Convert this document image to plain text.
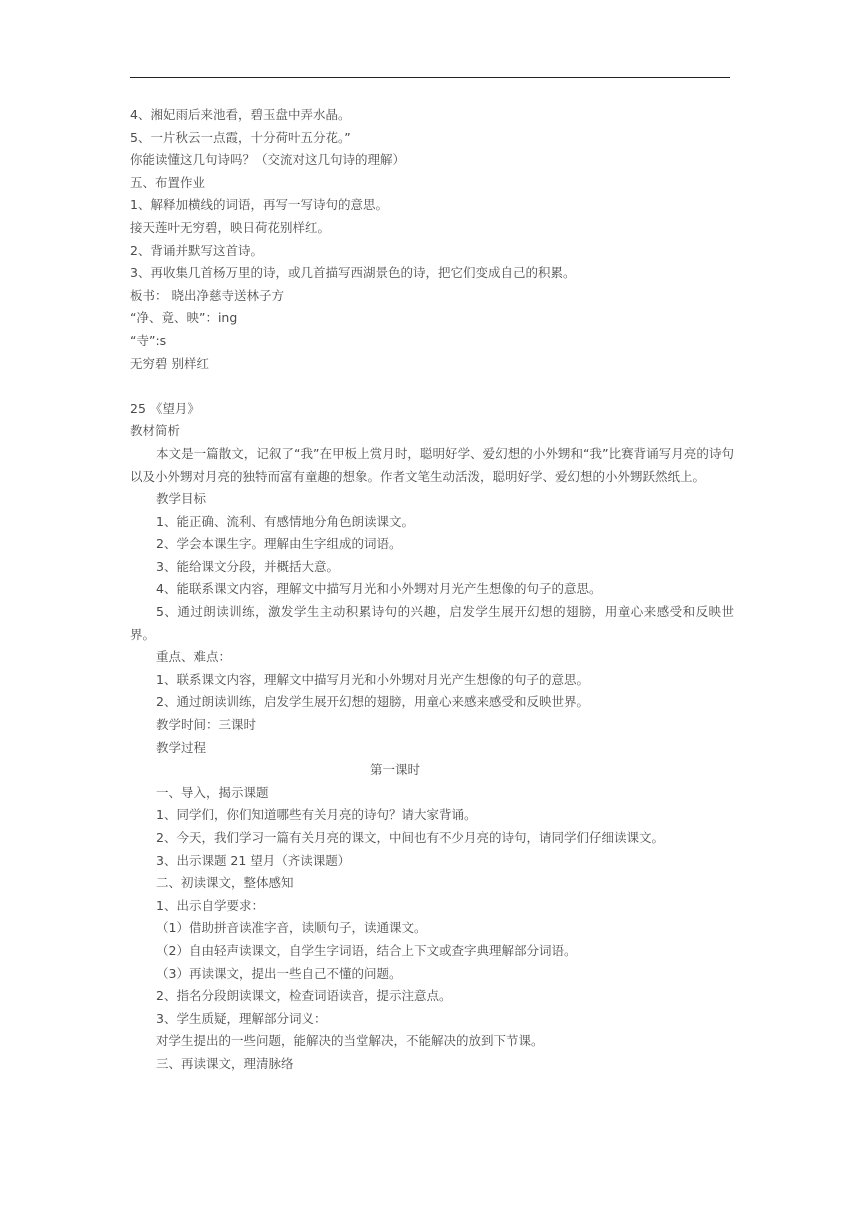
4、湘妃雨后来池看，碧玉盘中弄水晶。
5、一片秋云一点霞，十分荷叶五分花。”
你能读懂这几句诗吗？（交流对这几句诗的理解）
五、布置作业
1、解释加横线的词语，再写一写诗句的意思。
接天莲叶无穷碧，映日荷花别样红。
2、背诵并默写这首诗。
3、再收集几首杨万里的诗，或几首描写西湖景色的诗，把它们变成自己的积累。
板书： 晓出净慈寺送林子方
“净、竟、映”：ing
“寺”:s
无穷碧 别样红
25 《望月》
教材简析
本文是一篇散文，记叙了“我”在甲板上赏月时，聪明好学、爱幻想的小外甥和“我”比赛背诵写月亮的诗句以及小外甥对月亮的独特而富有童趣的想象。作者文笔生动活泼，聪明好学、爱幻想的小外甥跃然纸上。
教学目标
1、能正确、流利、有感情地分角色朗读课文。
2、学会本课生字。理解由生字组成的词语。
3、能给课文分段，并概括大意。
4、能联系课文内容，理解文中描写月光和小外甥对月光产生想像的句子的意思。
5、通过朗读训练，激发学生主动积累诗句的兴趣，启发学生展开幻想的翅膀，用童心来感受和反映世界。
重点、难点：
1、联系课文内容，理解文中描写月光和小外甥对月光产生想像的句子的意思。
2、通过朗读训练，启发学生展开幻想的翅膀，用童心来感来感受和反映世界。
教学时间：三课时
教学过程
第一课时
一、导入，揭示课题
1、同学们，你们知道哪些有关月亮的诗句？请大家背诵。
2、今天，我们学习一篇有关月亮的课文，中间也有不少月亮的诗句，请同学们仔细读课文。
3、出示课题 21 望月（齐读课题）
二、初读课文，整体感知
1、出示自学要求：
（1）借助拼音读准字音，读顺句子，读通课文。
（2）自由轻声读课文，自学生字词语，结合上下文或查字典理解部分词语。
（3）再读课文，提出一些自己不懂的问题。
2、指名分段朗读课文，检查词语读音，提示注意点。
3、学生质疑，理解部分词义：
对学生提出的一些问题，能解决的当堂解决，不能解决的放到下节课。
三、再读课文，理清脉络
